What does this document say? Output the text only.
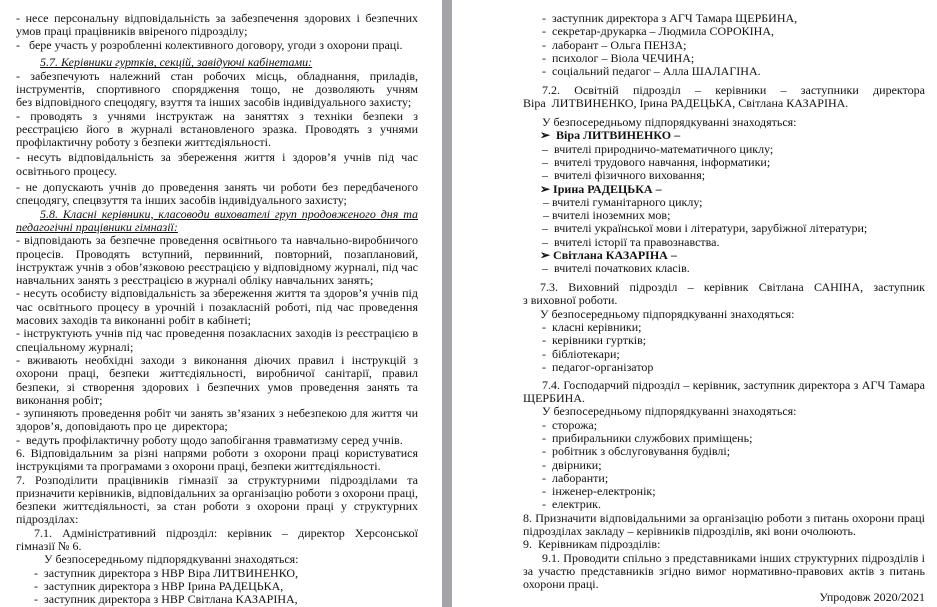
- несе персональну відповідальність за забезпечення здорових і безпечних
умов праці працівників ввіреного підрозділу;
-   бере участь у розробленні колективного договору, угоди з охорони праці.
5.7. Керівники гуртків, секцій, завідуючі кабінетами:
- забезпечують належний стан робочих місць, обладнання, приладів,
інструментів, спортивного спорядження тощо, не дозволяють учням
без відповідного спецодягу, взуття та інших засобів індивідуального захисту;
- проводять з учнями інструктаж на заняттях з техніки безпеки з
реєстрацією його в журналі встановленого зразка. Проводять з учнями
профілактичну роботу з безпеки життєдіяльності.
- несуть відповідальність за збереження життя і здоров’я учнів під час
освітнього процесу.
- не допускають учнів до проведення занять чи роботи без передбаченого
спецодягу, спецвзуття та інших засобів індивідуального захисту;
5.8. Класні керівники, класоводи вихователі груп продовженого дня та
педагогічні працівники гімназії:
- відповідають за безпечне проведення освітнього та навчально-виробничого
процесів. Проводять вступний, первинний, повторний, позаплановий,
інструктаж учнів з обов’язковою реєстрацією у відповідному журналі, під час
навчальних занять з реєстрацією в журналі обліку навчальних занять;
- несуть особисту відповідальність за збереження життя та здоров’я учнів під
час освітнього процесу в урочній і позакласній роботі, під час проведення
масових заходів та виконанні робіт в кабінеті;
- інструктують учнів під час проведення позакласних заходів із реєстрацією в
спеціальному журналі;
- вживають необхідні заходи з виконання діючих правил і інструкцій з
охорони праці, безпеки життєдіяльності, виробничої санітарії, правил
безпеки, зі створення здорових і безпечних умов проведення занять та
виконання робіт;
- зупиняють проведення робіт чи занять зв’язаних з небезпекою для життя чи
здоров’я, доповідають про це  директора;
-  ведуть профілактичну роботу щодо запобігання травматизму серед учнів.
6. Відповідальним за різні напрями роботи з охорони праці користуватися
інструкціями та програмами з охорони праці, безпеки життєдіяльності.
7. Розподілити працівників гімназії за структурними підрозділами та
призначити керівників, відповідальних за організацію роботи з охорони праці,
безпеки життєдіяльності, за стан роботи з охорони праці у структурних
підрозділах:
7.1. Адміністративний підрозділ: керівник – директор Херсонської
гімназії № 6.
У безпосередньому підпорядкуванні знаходяться:
-  заступник директора з НВР Віра ЛИТВИНЕНКО,
-  заступник директора з НВР Ірина РАДЕЦЬКА,
-  заступник директора з НВР Світлана КАЗАРІНА,
-  заступник директора з АГЧ Тамара ЩЕРБИНА,
-  секретар-друкарка – Людмила СОРОКІНА,
-  лаборант – Ольга ПЕНЗА;
-  психолог – Віола ЧЕЧИНА;
-  соціальний педагог – Алла ШАЛАГІНА.
7.2. Освітній підрозділ – керівники – заступники директора
Віра  ЛИТВИНЕНКО, Ірина РАДЕЦЬКА, Світлана КАЗАРІНА.
У безпосередньому підпорядкуванні знаходяться:
➢  Віра ЛИТВИНЕНКО –
–  вчителі природничо-математичного циклу;
–  вчителі трудового навчання, інформатики;
–  вчителі фізичного виховання;
➢ Ірина РАДЕЦЬКА –
– вчителі гуманітарного циклу;
– вчителі іноземних мов;
–  вчителі української мови і літератури, зарубіжної літератури;
–  вчителі історії та правознавства.
➢ Світлана КАЗАРІНА –
–  вчителі початкових класів.
7.3. Виховний підрозділ – керівник Світлана САНІНА, заступник
з виховної роботи.
У безпосередньому підпорядкуванні знаходяться:
-  класні керівники;
-  керівники гуртків;
-  бібліотекари;
-  педагог-організатор
7.4. Господарчий підрозділ – керівник, заступник директора з АГЧ Тамара
ЩЕРБИНА.
У безпосередньому підпорядкуванні знаходяться:
-  сторожа;
-  прибиральники службових приміщень;
-  робітник з обслуговування будівлі;
-  двірники;
-  лаборанти;
-  інженер-електронік;
-  електрик.
8. Призначити відповідальними за організацію роботи з питань охорони праці
підрозділах закладу – керівників підрозділів, які вони очолюють.
9.  Керівникам підрозділів:
9.1. Проводити спільно з представниками інших структурних підрозділів і
за участю представників згідно вимог нормативно-правових актів з питань
охорони праці.
Упродовж 2020/2021
